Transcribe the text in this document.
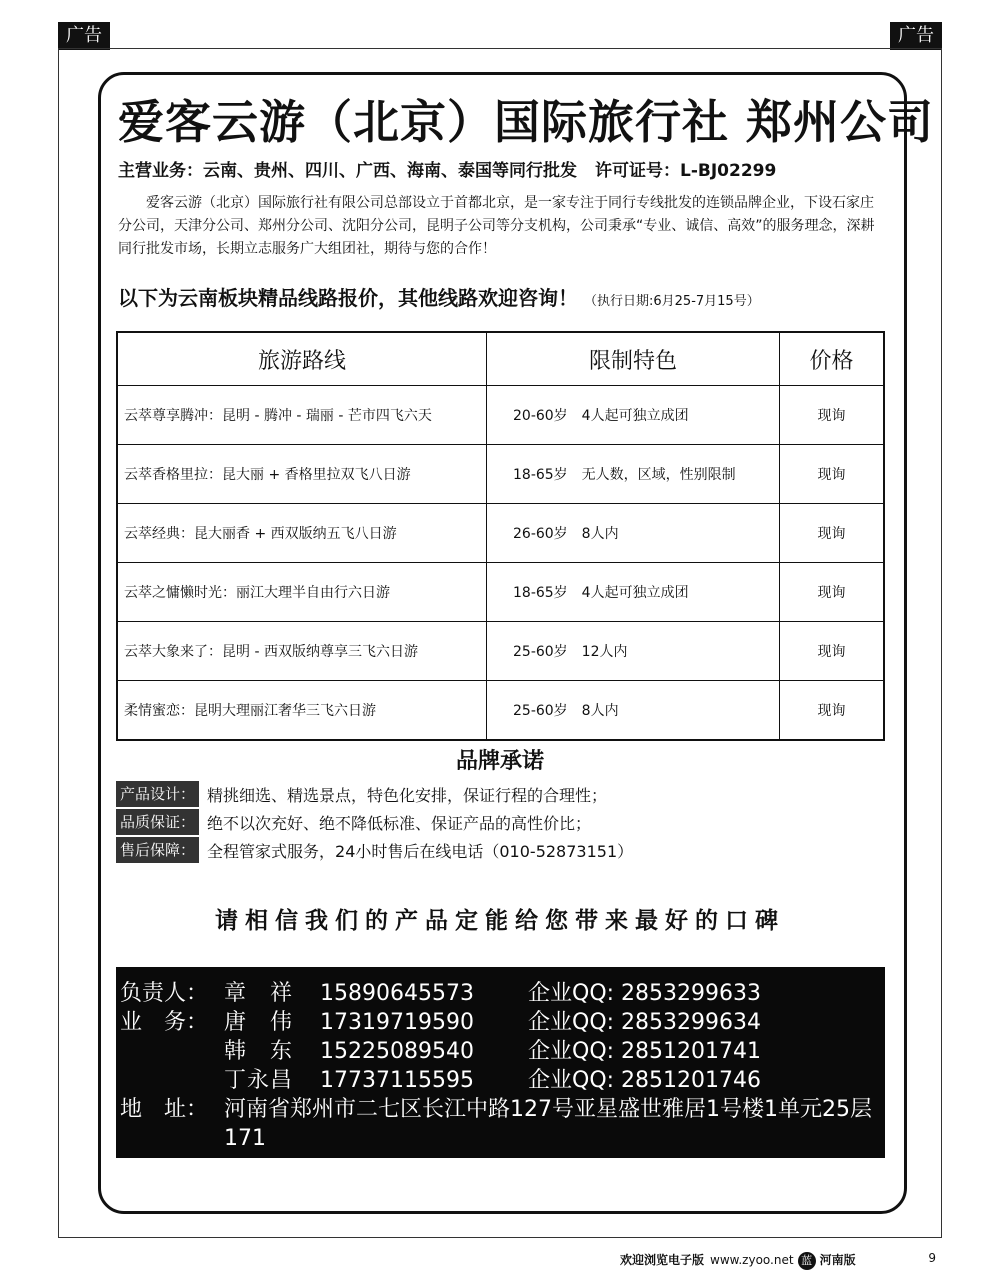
广告	广告
爱客云游（北京）国际旅行社 郑州公司
主营业务：云南、贵州、四川、广西、海南、泰国等同行批发 许可证号：L-BJ02299
爱客云游（北京）国际旅行社有限公司总部设立于首都北京，是一家专注于同行专线批发的连锁品牌企业，下设石家庄分公司，天津分公司、郑州分公司、沈阳分公司，昆明子公司等分支机构，公司秉承“专业、诚信、高效”的服务理念，深耕同行批发市场，长期立志服务广大组团社，期待与您的合作！
以下为云南板块精品线路报价，其他线路欢迎咨询！ （执行日期:6月25-7月15号）
旅游路线	限制特色	价格
云萃尊享腾冲：昆明 - 腾冲 - 瑞丽 - 芒市四飞六天	20-60岁　4人起可独立成团	现询
云萃香格里拉：昆大丽 + 香格里拉双飞八日游	18-65岁　无人数，区域，性别限制	现询
云萃经典：昆大丽香 + 西双版纳五飞八日游	26-60岁　8人内	现询
云萃之慵懒时光：丽江大理半自由行六日游	18-65岁　4人起可独立成团	现询
云萃大象来了：昆明 - 西双版纳尊享三飞六日游	25-60岁　12人内	现询
柔情蜜恋：昆明大理丽江奢华三飞六日游	25-60岁　8人内	现询
品牌承诺
产品设计： 精挑细选、精选景点，特色化安排，保证行程的合理性；
品质保证： 绝不以次充好、绝不降低标准、保证产品的高性价比；
售后保障： 全程管家式服务，24小时售后在线电话（010-52873151）
请相信我们的产品定能给您带来最好的口碑
负责人： 章　祥 15890645573 企业QQ: 2853299633
业　务： 唐　伟 17319719590 企业QQ: 2853299634
韩　东 15225089540 企业QQ: 2851201741
丁永昌 17737115595 企业QQ: 2851201746
地　址： 河南省郑州市二七区长江中路127号亚星盛世雅居1号楼1单元25层171
欢迎浏览电子版 www.zyoo.net 蓝 河南版	9
